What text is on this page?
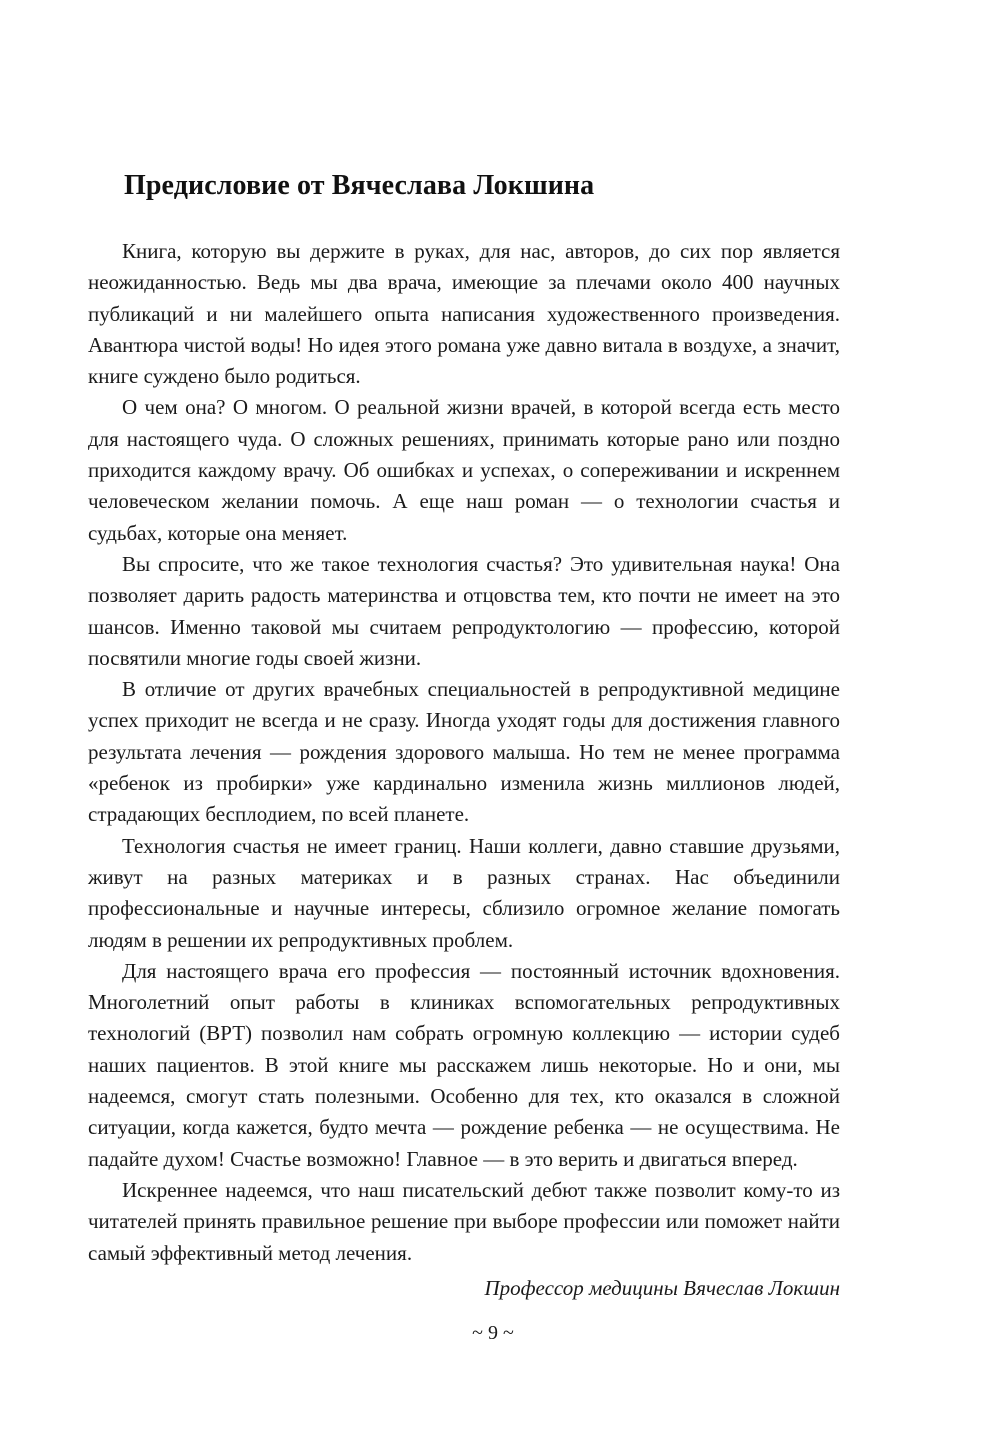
Предисловие от Вячеслава Локшина

Книга, которую вы держите в руках, для нас, авторов, до сих пор является неожиданностью. Ведь мы два врача, имеющие за плечами около 400 научных публикаций и ни малейшего опыта написания художественного произведения. Авантюра чистой воды! Но идея этого романа уже давно витала в воздухе, а значит, книге суждено было родиться.

О чем она? О многом. О реальной жизни врачей, в которой всегда есть место для настоящего чуда. О сложных решениях, принимать которые рано или поздно приходится каждому врачу. Об ошибках и успехах, о сопереживании и искреннем человеческом желании помочь. А еще наш роман — о технологии счастья и судьбах, которые она меняет.

Вы спросите, что же такое технология счастья? Это удивительная наука! Она позволяет дарить радость материнства и отцовства тем, кто почти не имеет на это шансов. Именно таковой мы считаем репродуктологию — профессию, которой посвятили многие годы своей жизни.

В отличие от других врачебных специальностей в репродуктивной медицине успех приходит не всегда и не сразу. Иногда уходят годы для достижения главного результата лечения — рождения здорового малыша. Но тем не менее программа «ребенок из пробирки» уже кардинально изменила жизнь миллионов людей, страдающих бесплодием, по всей планете.

Технология счастья не имеет границ. Наши коллеги, давно ставшие друзьями, живут на разных материках и в разных странах. Нас объединили профессиональные и научные интересы, сблизило огромное желание помогать людям в решении их репродуктивных проблем.

Для настоящего врача его профессия — постоянный источник вдохновения. Многолетний опыт работы в клиниках вспомогательных репродуктивных технологий (ВРТ) позволил нам собрать огромную коллекцию — истории судеб наших пациентов. В этой книге мы расскажем лишь некоторые. Но и они, мы надеемся, смогут стать полезными. Особенно для тех, кто оказался в сложной ситуации, когда кажется, будто мечта — рождение ребенка — не осуществима. Не падайте духом! Счастье возможно! Главное — в это верить и двигаться вперед.

Искреннее надеемся, что наш писательский дебют также позволит кому-то из читателей принять правильное решение при выборе профессии или поможет найти самый эффективный метод лечения.

Профессор медицины Вячеслав Локшин

~ 9 ~
